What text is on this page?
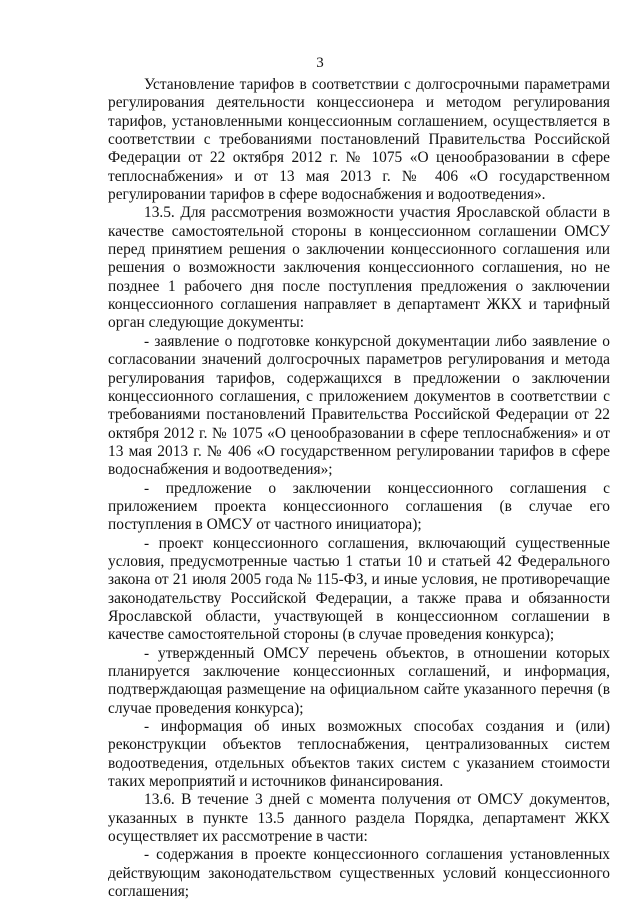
3

Установление тарифов в соответствии с долгосрочными параметрами регулирования деятельности концессионера и методом регулирования тарифов, установленными концессионным соглашением, осуществляется в соответствии с требованиями постановлений Правительства Российской Федерации от 22 октября 2012 г. № 1075 «О ценообразовании в сфере теплоснабжения» и от 13 мая 2013 г. № 406 «О государственном регулировании тарифов в сфере водоснабжения и водоотведения».

13.5. Для рассмотрения возможности участия Ярославской области в качестве самостоятельной стороны в концессионном соглашении ОМСУ перед принятием решения о заключении концессионного соглашения или решения о возможности заключения концессионного соглашения, но не позднее 1 рабочего дня после поступления предложения о заключении концессионного соглашения направляет в департамент ЖКХ и тарифный орган следующие документы:

- заявление о подготовке конкурсной документации либо заявление о согласовании значений долгосрочных параметров регулирования и метода регулирования тарифов, содержащихся в предложении о заключении концессионного соглашения, с приложением документов в соответствии с требованиями постановлений Правительства Российской Федерации от 22 октября 2012 г. № 1075 «О ценообразовании в сфере теплоснабжения» и от 13 мая 2013 г. № 406 «О государственном регулировании тарифов в сфере водоснабжения и водоотведения»;

- предложение о заключении концессионного соглашения с приложением проекта концессионного соглашения (в случае его поступления в ОМСУ от частного инициатора);

- проект концессионного соглашения, включающий существенные условия, предусмотренные частью 1 статьи 10 и статьей 42 Федерального закона от 21 июля 2005 года № 115-ФЗ, и иные условия, не противоречащие законодательству Российской Федерации, а также права и обязанности Ярославской области, участвующей в концессионном соглашении в качестве самостоятельной стороны (в случае проведения конкурса);

- утвержденный ОМСУ перечень объектов, в отношении которых планируется заключение концессионных соглашений, и информация, подтверждающая размещение на официальном сайте указанного перечня (в случае проведения конкурса);

- информация об иных возможных способах создания и (или) реконструкции объектов теплоснабжения, централизованных систем водоотведения, отдельных объектов таких систем с указанием стоимости таких мероприятий и источников финансирования.

13.6. В течение 3 дней с момента получения от ОМСУ документов, указанных в пункте 13.5 данного раздела Порядка, департамент ЖКХ осуществляет их рассмотрение в части:

- содержания в проекте концессионного соглашения установленных действующим законодательством существенных условий концессионного соглашения;
